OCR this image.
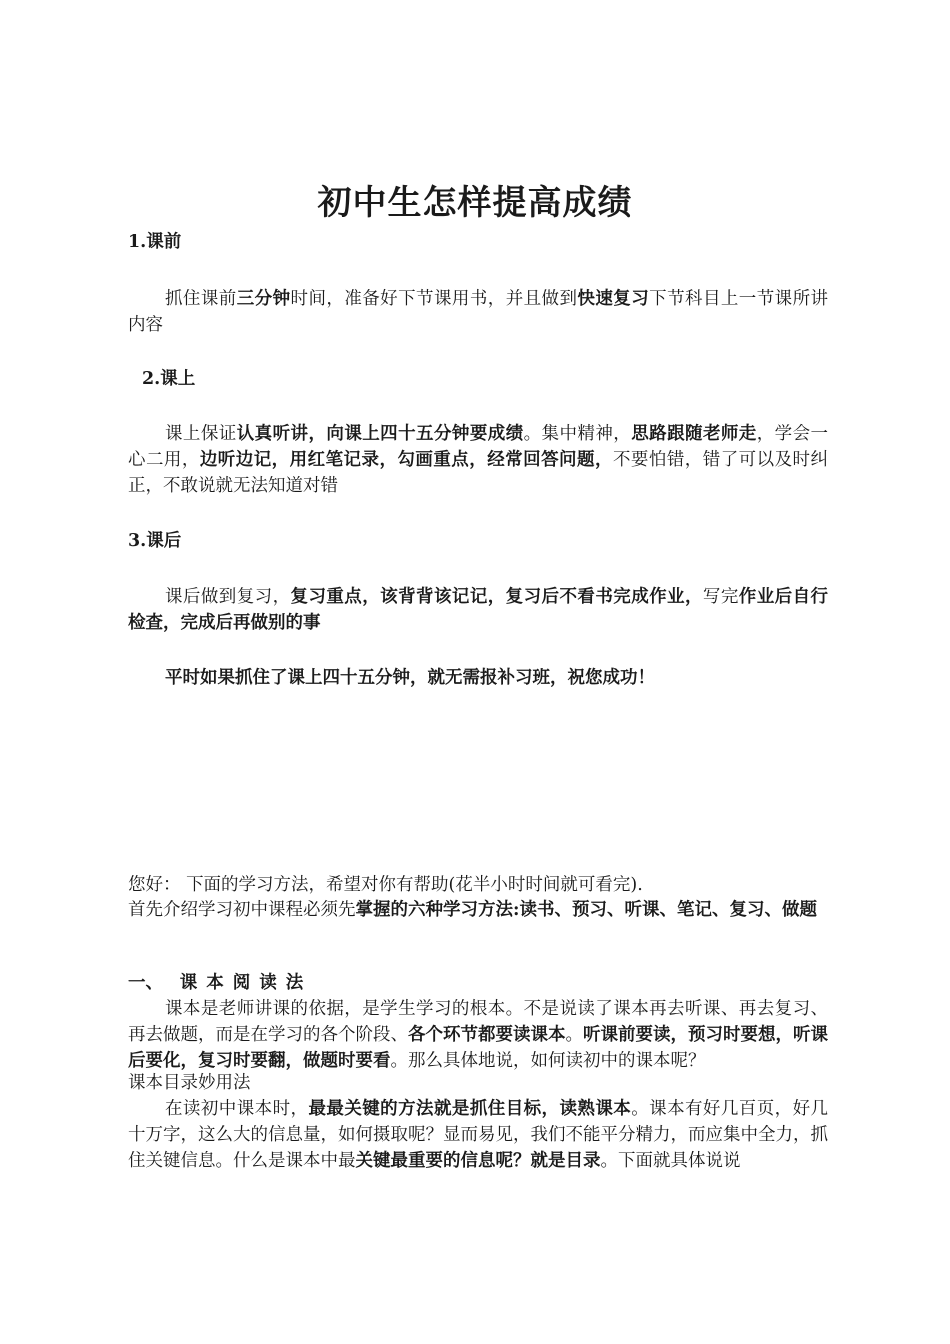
初中生怎样提高成绩
1.课前
抓住课前三分钟时间，准备好下节课用书，并且做到快速复习下节科目上一节课所讲内容
2.课上
课上保证认真听讲，向课上四十五分钟要成绩。集中精神，思路跟随老师走，学会一心二用，边听边记，用红笔记录，勾画重点，经常回答问题，不要怕错，错了可以及时纠正，不敢说就无法知道对错
3.课后
课后做到复习，复习重点，该背背该记记，复习后不看书完成作业，写完作业后自行检查，完成后再做别的事
平时如果抓住了课上四十五分钟，就无需报补习班，祝您成功！
您好： 下面的学习方法，希望对你有帮助(花半小时时间就可看完).
首先介绍学习初中课程必须先掌握的六种学习方法:读书、预习、听课、笔记、复习、做题
一、 课本阅读法
课本是老师讲课的依据，是学生学习的根本。不是说读了课本再去听课、再去复习、再去做题，而是在学习的各个阶段、各个环节都要读课本。听课前要读，预习时要想，听课后要化，复习时要翻，做题时要看。那么具体地说，如何读初中的课本呢？
课本目录妙用法
在读初中课本时，最最关键的方法就是抓住目标，读熟课本。课本有好几百页，好几十万字，这么大的信息量，如何摄取呢？显而易见，我们不能平分精力，而应集中全力，抓住关键信息。什么是课本中最关键最重要的信息呢？就是目录。下面就具体说说
